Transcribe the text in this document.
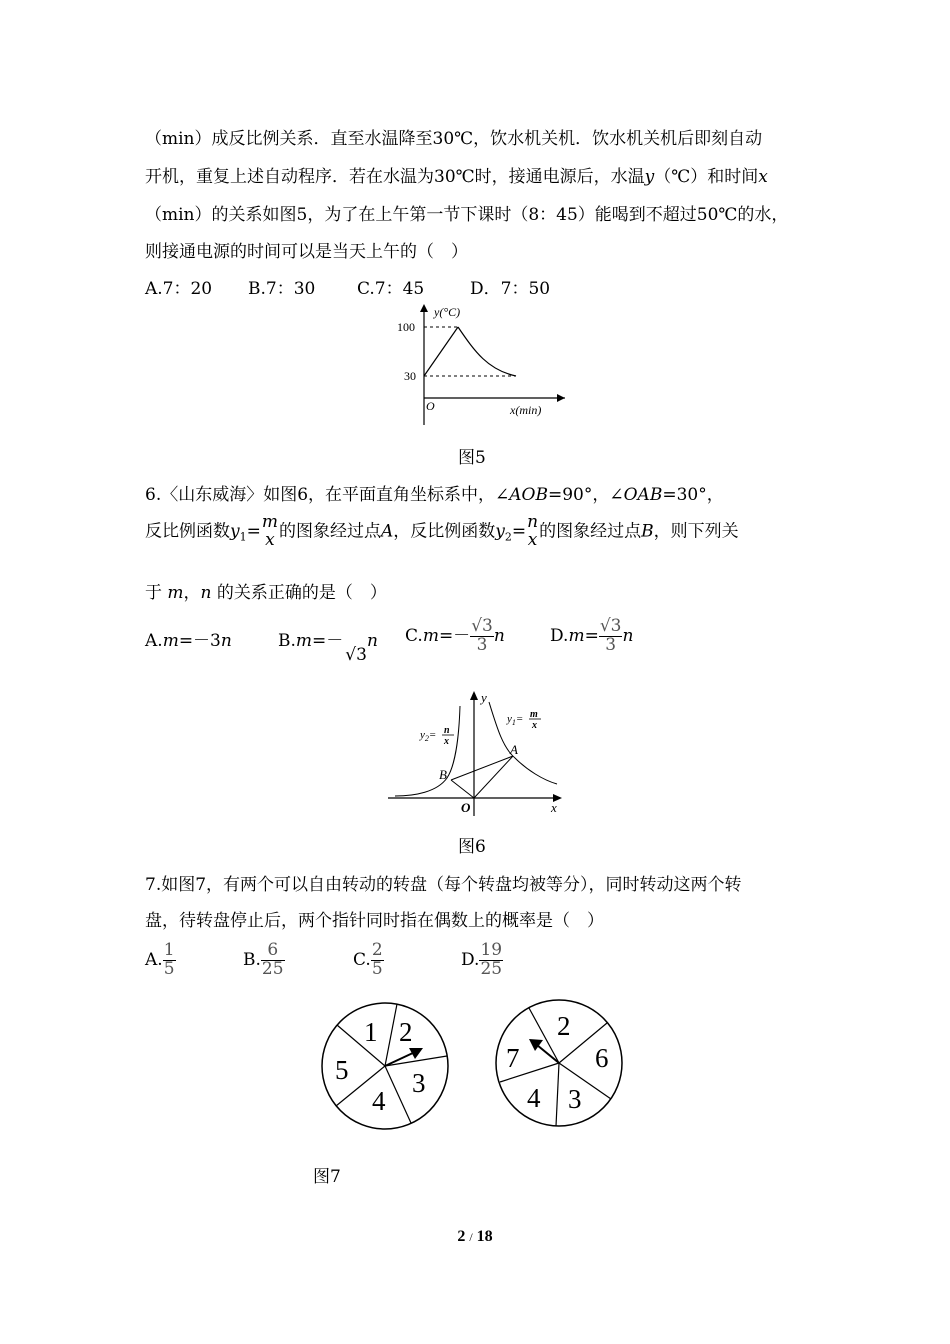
（min）成反比例关系．直至水温降至30℃，饮水机关机．饮水机关机后即刻自动
开机，重复上述自动程序．若在水温为30℃时，接通电源后，水温y（℃）和时间x
（min）的关系如图5，为了在上午第一节下课时（8：45）能喝到不超过50℃的水，
则接通电源的时间可以是当天上午的（　）
A.7：20 B.7：30 C.7：45	D．7：50
y(°C)
x(min)
O
100
30
图5
6.〈山东威海〉如图6，在平面直角坐标系中，∠AOB=90°，∠OAB=30°，
反比例函数$y_1= m$
x 的图象经过点A，反比例函数$y_2= n$
x 的图象经过点B，则下列关
于 m，n 的关系正确的是（　）
A.m=－3n	B.m=－√3n $C.m=- \frac{√3}{3}$ n	$D.m= \frac{√3}{3}$ n
y
x
O
A
B
$y_1= m$
x
$y_2= n$
x
图6
7.如图7，有两个可以自由转动的转盘（每个转盘均被等分），同时转动这两个转
盘，待转盘停止后，两个指针同时指在偶数上的概率是（　）
A. $\frac{1}{5}$	B. $\frac{6}{25}$	C. $\frac{2}{5}$	D. $\frac{19}{25}$
1 2
3
4
5
2
6
3
4
7
图7
2 / 18
